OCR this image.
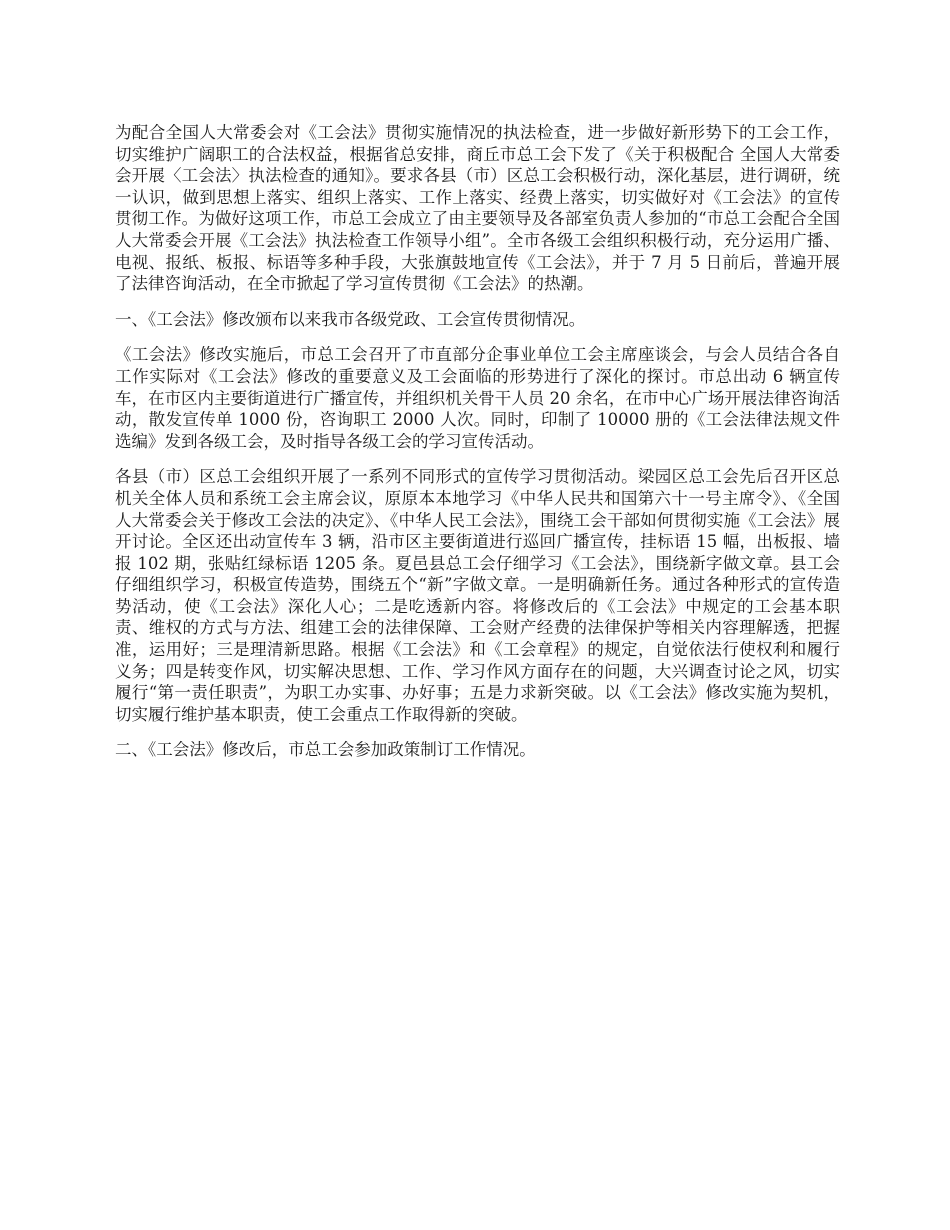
为配合全国人大常委会对《工会法》贯彻实施情况的执法检查，进一步做好新形势下的工会工作，切实维护广阔职工的合法权益，根据省总安排，商丘市总工会下发了《关于积极配合 全国人大常委会开展〈工会法〉执法检查的通知》。要求各县（市）区总工会积极行动，深化基层，进行调研，统一认识，做到思想上落实、组织上落实、工作上落实、经费上落实，切实做好对《工会法》的宣传贯彻工作。为做好这项工作，市总工会成立了由主要领导及各部室负责人参加的“市总工会配合全国人大常委会开展《工会法》执法检查工作领导小组”。全市各级工会组织积极行动，充分运用广播、电视、报纸、板报、标语等多种手段，大张旗鼓地宣传《工会法》，并于 7 月 5 日前后，普遍开展了法律咨询活动，在全市掀起了学习宣传贯彻《工会法》的热潮。

一、《工会法》修改颁布以来我市各级党政、工会宣传贯彻情况。

《工会法》修改实施后，市总工会召开了市直部分企事业单位工会主席座谈会，与会人员结合各自工作实际对《工会法》修改的重要意义及工会面临的形势进行了深化的探讨。市总出动 6 辆宣传车，在市区内主要街道进行广播宣传，并组织机关骨干人员 20 余名，在市中心广场开展法律咨询活动，散发宣传单 1000 份，咨询职工 2000 人次。同时，印制了 10000 册的《工会法律法规文件选编》发到各级工会，及时指导各级工会的学习宣传活动。

各县（市）区总工会组织开展了一系列不同形式的宣传学习贯彻活动。梁园区总工会先后召开区总机关全体人员和系统工会主席会议，原原本本地学习《中华人民共和国第六十一号主席令》、《全国人大常委会关于修改工会法的决定》、《中华人民工会法》，围绕工会干部如何贯彻实施《工会法》展开讨论。全区还出动宣传车 3 辆，沿市区主要街道进行巡回广播宣传，挂标语 15 幅，出板报、墙报 102 期，张贴红绿标语 1205 条。夏邑县总工会仔细学习《工会法》，围绕新字做文章。县工会仔细组织学习，积极宣传造势，围绕五个“新”字做文章。一是明确新任务。通过各种形式的宣传造势活动，使《工会法》深化人心；二是吃透新内容。将修改后的《工会法》中规定的工会基本职责、维权的方式与方法、组建工会的法律保障、工会财产经费的法律保护等相关内容理解透，把握准，运用好；三是理清新思路。根据《工会法》和《工会章程》的规定，自觉依法行使权利和履行义务；四是转变作风，切实解决思想、工作、学习作风方面存在的问题，大兴调查讨论之风，切实履行“第一责任职责”，为职工办实事、办好事；五是力求新突破。以《工会法》修改实施为契机，切实履行维护基本职责，使工会重点工作取得新的突破。

二、《工会法》修改后，市总工会参加政策制订工作情况。
